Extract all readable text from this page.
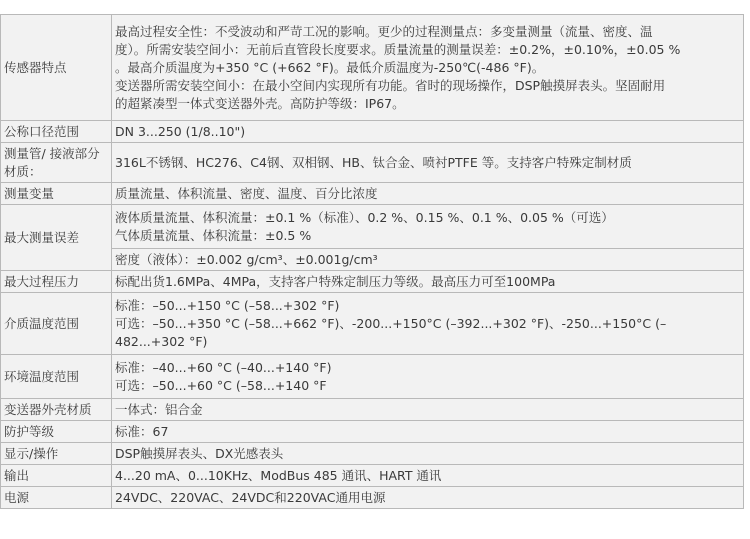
传感器特点	最高过程安全性：不受波动和严苛工况的影响。更少的过程测量点：多变量测量（流量、密度、温
度）。所需安装空间小：无前后直管段长度要求。质量流量的测量误差：±0.2%，±0.10%，±0.05 %
。最高介质温度为+350 °C (+662 °F)。最低介质温度为-250℃(-486 °F)。
变送器所需安装空间小：在最小空间内实现所有功能。省时的现场操作，DSP触摸屏表头。坚固耐用
的超紧凑型一体式变送器外壳。高防护等级：IP67。

公称口径范围	DN 3...250 (1/8..10")

测量管/ 接液部分
材质：	316L不锈钢、HC276、C4钢、双相钢、HB、钛合金、喷衬PTFE 等。支持客户特殊定制材质
测量变量	质量流量、体积流量、密度、温度、百分比浓度
最大测量误差	液体质量流量、体积流量：±0.1 %（标准）、0.2 %、0.15 %、0.1 %、0.05 %（可选）
气体质量流量、体积流量：±0.5 %

	密度（液体）：±0.002 g/cm³、±0.001g/cm³
最大过程压力	标配出货1.6MPa、4MPa，支持客户特殊定制压力等级。最高压力可至100MPa
介质温度范围	标准：–50...+150 °C (–58...+302 °F)
可选：–50...+350 °C (–58...+662 °F)、-200...+150°C (–392...+302 °F)、-250...+150°C (–
482...+302 °F)

环境温度范围	标准：–40...+60 °C (–40...+140 °F)
可选：–50...+60 °C (–58...+140 °F

变送器外壳材质	一体式：铝合金
防护等级	标准：67
显示/操作	DSP触摸屏表头、DX光感表头
输出	4...20 mA、0...10KHz、ModBus 485 通讯、HART 通讯
电源	24VDC、220VAC、24VDC和220VAC通用电源
